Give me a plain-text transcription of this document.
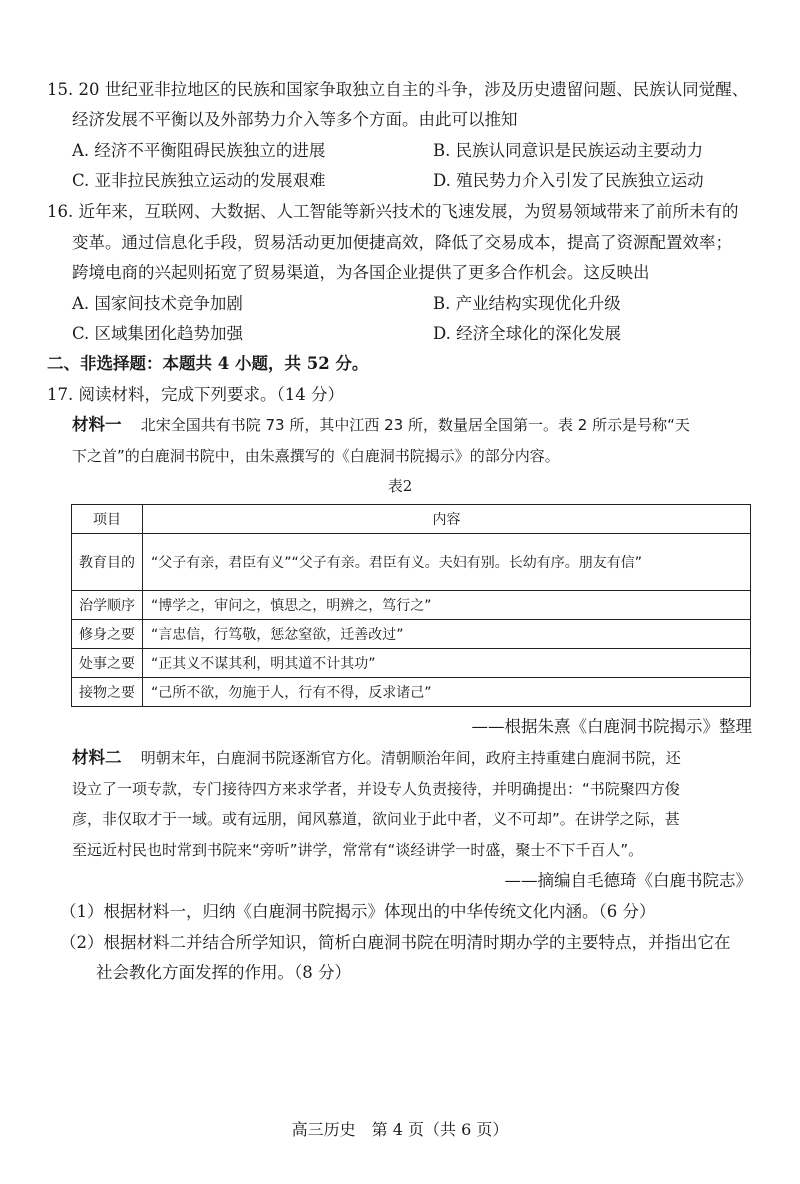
15. 20 世纪亚非拉地区的民族和国家争取独立自主的斗争，涉及历史遗留问题、民族认同觉醒、
经济发展不平衡以及外部势力介入等多个方面。由此可以推知
A. 经济不平衡阻碍民族独立的进展	B. 民族认同意识是民族运动主要动力
C. 亚非拉民族独立运动的发展艰难	D. 殖民势力介入引发了民族独立运动
16. 近年来，互联网、大数据、人工智能等新兴技术的飞速发展，为贸易领域带来了前所未有的
变革。通过信息化手段，贸易活动更加便捷高效，降低了交易成本，提高了资源配置效率；
跨境电商的兴起则拓宽了贸易渠道，为各国企业提供了更多合作机会。这反映出
A. 国家间技术竞争加剧	B. 产业结构实现优化升级
C. 区域集团化趋势加强	D. 经济全球化的深化发展
二、非选择题：本题共 4 小题，共 52 分。
17. 阅读材料，完成下列要求。（14 分）
材料一 北宋全国共有书院 73 所，其中江西 23 所，数量居全国第一。表 2 所示是号称“天
下之首”的白鹿洞书院中，由朱熹撰写的《白鹿洞书院揭示》的部分内容。
表2
项目	内容
教育目的	“父子有亲，君臣有义”“父子有亲。君臣有义。夫妇有别。长幼有序。朋友有信”
治学顺序	“博学之，审问之，慎思之，明辨之，笃行之”
修身之要	“言忠信，行笃敬，惩忿窒欲，迁善改过”
处事之要	“正其义不谋其利，明其道不计其功”
接物之要	“己所不欲，勿施于人，行有不得，反求诸己”
——根据朱熹《白鹿洞书院揭示》整理
材料二 明朝末年，白鹿洞书院逐渐官方化。清朝顺治年间，政府主持重建白鹿洞书院，还
设立了一项专款，专门接待四方来求学者，并设专人负责接待，并明确提出：“书院聚四方俊
彦，非仅取才于一域。或有远朋，闻风慕道，欲问业于此中者，义不可却”。在讲学之际，甚
至远近村民也时常到书院来“旁听”讲学，常常有“谈经讲学一时盛，聚士不下千百人”。
——摘编自毛德琦《白鹿书院志》
（1）根据材料一，归纳《白鹿洞书院揭示》体现出的中华传统文化内涵。（6 分）
（2）根据材料二并结合所学知识，简析白鹿洞书院在明清时期办学的主要特点，并指出它在
社会教化方面发挥的作用。（8 分）
高三历史　第 4 页（共 6 页）
